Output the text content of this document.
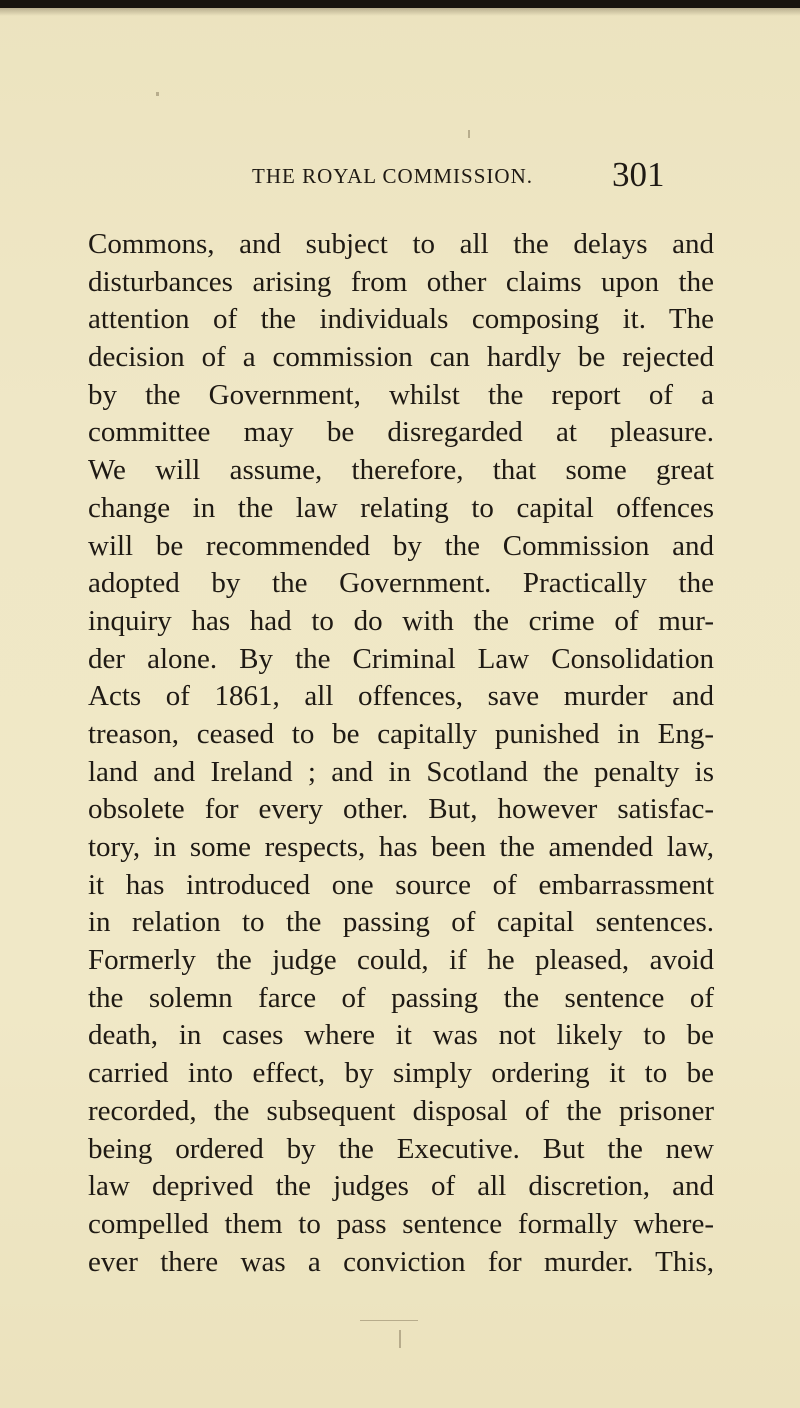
THE ROYAL COMMISSION. 301
Commons, and subject to all the delays and
disturbances arising from other claims upon the
attention of the individuals composing it. The
decision of a commission can hardly be rejected
by the Government, whilst the report of a
committee may be disregarded at pleasure.
We will assume, therefore, that some great
change in the law relating to capital offences
will be recommended by the Commission and
adopted by the Government. Practically the
inquiry has had to do with the crime of mur-
der alone. By the Criminal Law Consolidation
Acts of 1861, all offences, save murder and
treason, ceased to be capitally punished in Eng-
land and Ireland ; and in Scotland the penalty is
obsolete for every other. But, however satisfac-
tory, in some respects, has been the amended law,
it has introduced one source of embarrassment
in relation to the passing of capital sentences.
Formerly the judge could, if he pleased, avoid
the solemn farce of passing the sentence of
death, in cases where it was not likely to be
carried into effect, by simply ordering it to be
recorded, the subsequent disposal of the prisoner
being ordered by the Executive. But the new
law deprived the judges of all discretion, and
compelled them to pass sentence formally where-
ever there was a conviction for murder. This,
